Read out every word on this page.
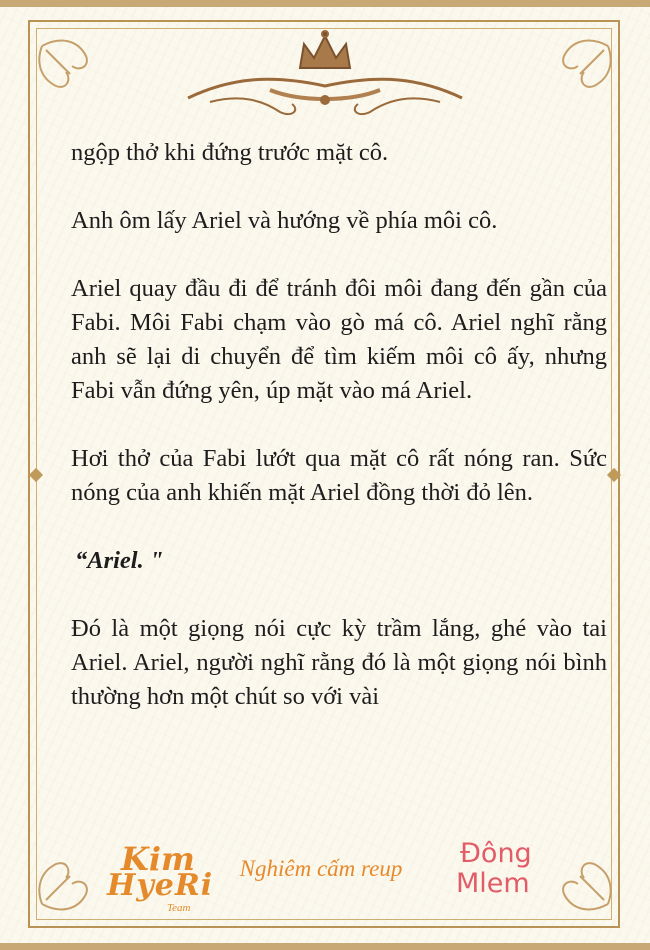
ngộp thở khi đứng trước mặt cô.

Anh ôm lấy Ariel và hướng về phía môi cô.

Ariel quay đầu đi để tránh đôi môi đang đến gần của Fabi. Môi Fabi chạm vào gò má cô. Ariel nghĩ rằng anh sẽ lại di chuyển để tìm kiếm môi cô ấy, nhưng Fabi vẫn đứng yên, úp mặt vào má Ariel.

Hơi thở của Fabi lướt qua mặt cô rất nóng ran. Sức nóng của anh khiến mặt Ariel đồng thời đỏ lên.

“Ariel. "

Đó là một giọng nói cực kỳ trầm lắng, ghé vào tai Ariel. Ariel, người nghĩ rằng đó là một giọng nói bình thường hơn một chút so với vài

Kim
HyeRi
Team
Nghiêm cấm reup	Đông
Mlem
